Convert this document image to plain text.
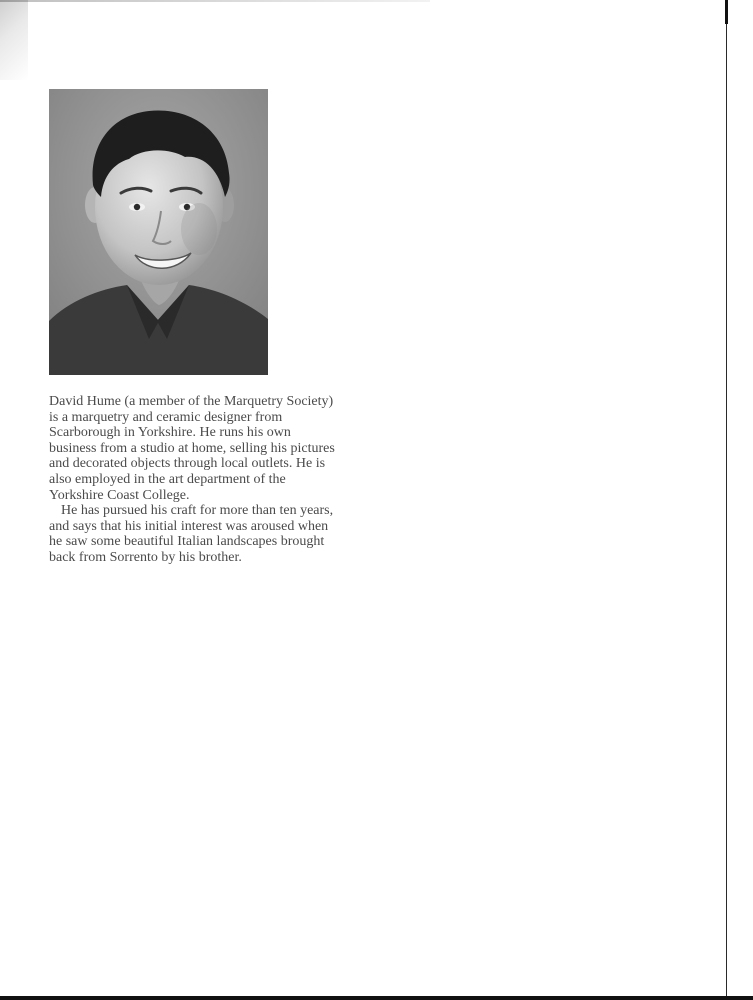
David Hume (a member of the Marquetry Society) is a marquetry and ceramic designer from Scarborough in Yorkshire. He runs his own business from a studio at home, selling his pictures and decorated objects through local outlets. He is also employed in the art department of the Yorkshire Coast College.

He has pursued his craft for more than ten years, and says that his initial interest was aroused when he saw some beautiful Italian landscapes brought back from Sorrento by his brother.
